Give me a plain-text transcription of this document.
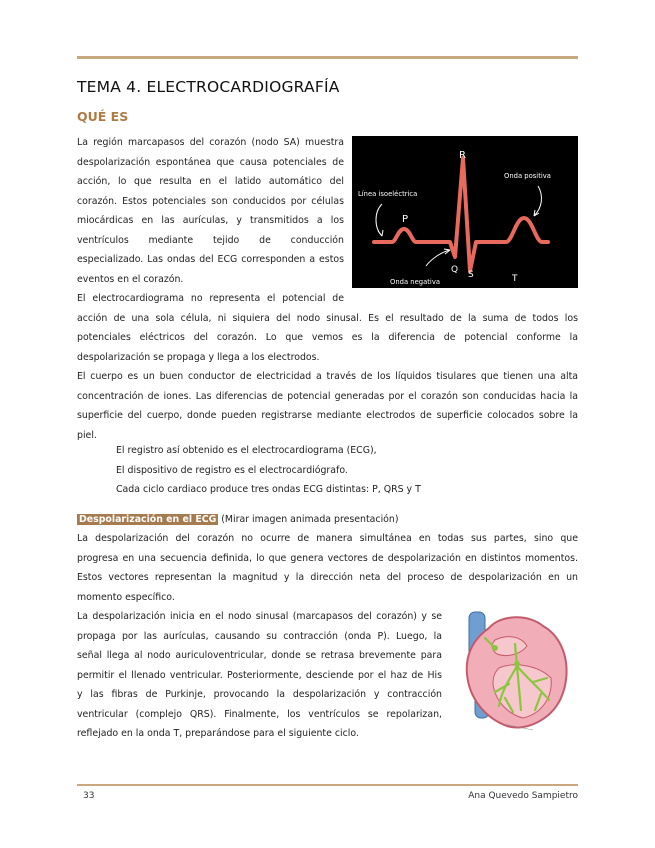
TEMA 4. ELECTROCARDIOGRAFÍA
QUÉ ES
La región marcapasos del corazón (nodo SA) muestra
despolarización espontánea que causa potenciales de
acción, lo que resulta en el latido automático del
corazón. Estos potenciales son conducidos por células
miocárdicas en las aurículas, y transmitidos a los
ventrículos mediante tejido de conducción
especializado. Las ondas del ECG corresponden a estos
eventos en el corazón.
El electrocardiograma no representa el potencial de
R
P
Q S	T
Línea isoeléctrica
Onda positiva
Onda negativa
acción de una sola célula, ni siquiera del nodo sinusal. Es el resultado de la suma de todos los
potenciales eléctricos del corazón. Lo que vemos es la diferencia de potencial conforme la
despolarización se propaga y llega a los electrodos.
El cuerpo es un buen conductor de electricidad a través de los líquidos tisulares que tienen una alta
concentración de iones. Las diferencias de potencial generadas por el corazón son conducidas hacia la
superficie del cuerpo, donde pueden registrarse mediante electrodos de superficie colocados sobre la
piel.
El registro así obtenido es el electrocardiograma (ECG),
El dispositivo de registro es el electrocardiógrafo.
Cada ciclo cardiaco produce tres ondas ECG distintas: P, QRS y T
Despolarización en el ECG (Mirar imagen animada presentación)
La despolarización del corazón no ocurre de manera simultánea en todas sus partes, sino que
progresa en una secuencia definida, lo que genera vectores de despolarización en distintos momentos.
Estos vectores representan la magnitud y la dirección neta del proceso de despolarización en un
momento específico.
La despolarización inicia en el nodo sinusal (marcapasos del corazón) y se
propaga por las aurículas, causando su contracción (onda P). Luego, la
señal llega al nodo auriculoventricular, donde se retrasa brevemente para
permitir el llenado ventricular. Posteriormente, desciende por el haz de His
y las fibras de Purkinje, provocando la despolarización y contracción
ventricular (complejo QRS). Finalmente, los ventrículos se repolarizan,
reflejado en la onda T, preparándose para el siguiente ciclo.
33	Ana Quevedo Sampietro
